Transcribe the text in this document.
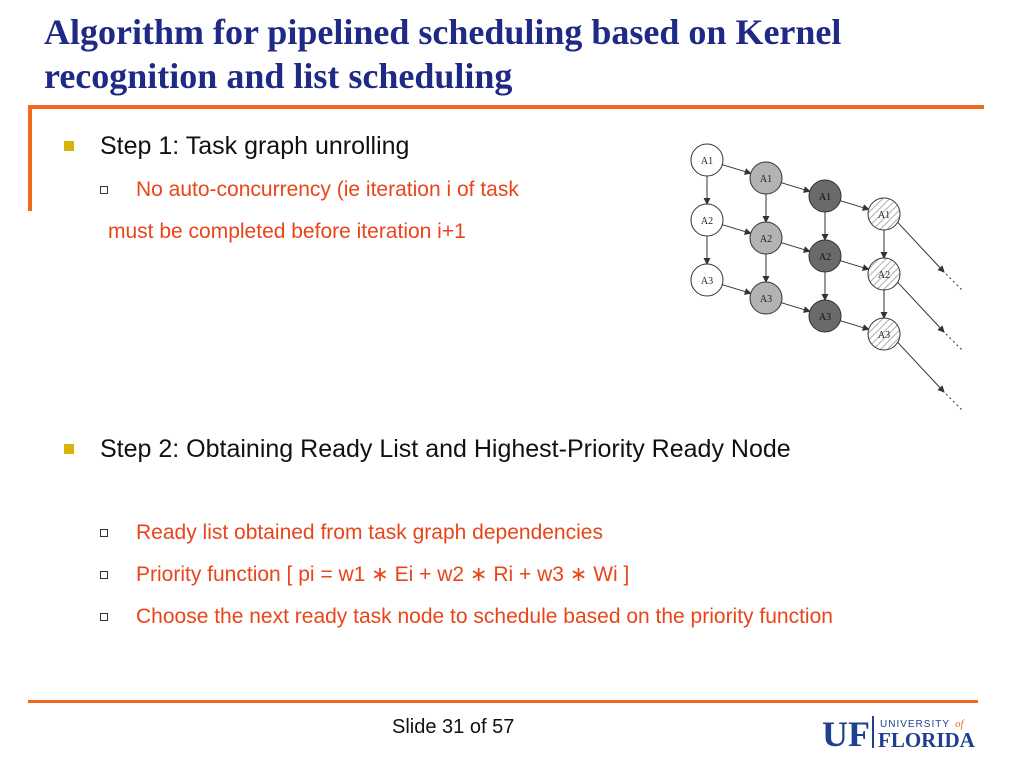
Algorithm for pipelined scheduling based on Kernel recognition and list scheduling
Step 1: Task graph unrolling
No auto-concurrency (ie iteration i of task
must be completed before iteration i+1
A1
A2
A3
A1
A2
A3
A1
A2
A3
A1
A2
A3
Step 2: Obtaining Ready List and Highest-Priority Ready Node
Ready list obtained from task graph dependencies
Priority function [ pi = w1 ∗ Ei + w2 ∗ Ri + w3 ∗ Wi ]
Choose the next ready task node to schedule based on the priority function
Slide 31 of 57	UF UNIVERSITY of
FLORIDA
